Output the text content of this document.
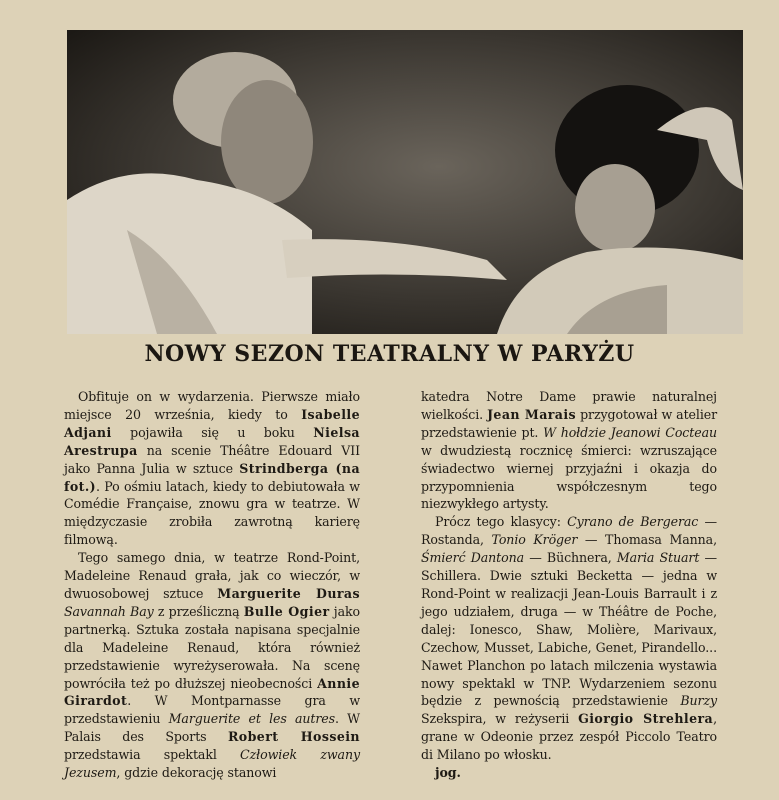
NOWY SEZON TEATRALNY W PARYŻU

Obfituje on w wydarzenia. Pierwsze miało miejsce 20 września, kiedy to Isabelle Adjani pojawiła się u boku Nielsa Arestrupa na scenie Théâtre Edouard VII jako Panna Julia w sztuce Strindberga (na fot.). Po ośmiu latach, kiedy to debiutowała w Comédie Française, znowu gra w teatrze. W międzyczasie zrobiła zawrotną karierę filmową.

Tego samego dnia, w teatrze Rond-Point, Madeleine Renaud grała, jak co wieczór, w dwuosobowej sztuce Marguerite Duras Savannah Bay z prześliczną Bulle Ogier jako partnerką. Sztuka została napisana specjalnie dla Madeleine Renaud, która również przedstawienie wyreżyserowała. Na scenę powróciła też po dłuższej nieobecności Annie Girardot. W Montparnasse gra w przedstawieniu Marguerite et les autres. W Palais des Sports Robert Hossein przedstawia spektakl Człowiek zwany Jezusem, gdzie dekorację stanowi

katedra Notre Dame prawie naturalnej wielkości. Jean Marais przygotował w atelier przedstawienie pt. W hołdzie Jeanowi Cocteau w dwudziestą rocznicę śmierci: wzruszające świadectwo wiernej przyjaźni i okazja do przypomnienia współczesnym tego niezwykłego artysty.

Prócz tego klasycy: Cyrano de Bergerac — Rostanda, Tonio Kröger — Thomasa Manna, Śmierć Dantona — Büchnera, Maria Stuart — Schillera. Dwie sztuki Becketta — jedna w Rond-Point w realizacji Jean-Louis Barrault i z jego udziałem, druga — w Théâtre de Poche, dalej: Ionesco, Shaw, Molière, Marivaux, Czechow, Musset, Labiche, Genet, Pirandello... Nawet Planchon po latach milczenia wystawia nowy spektakl w TNP. Wydarzeniem sezonu będzie z pewnością przedstawienie Burzy Szekspira, w reżyserii Giorgio Strehlera, grane w Odeonie przez zespół Piccolo Teatro di Milano po włosku.

jog.
